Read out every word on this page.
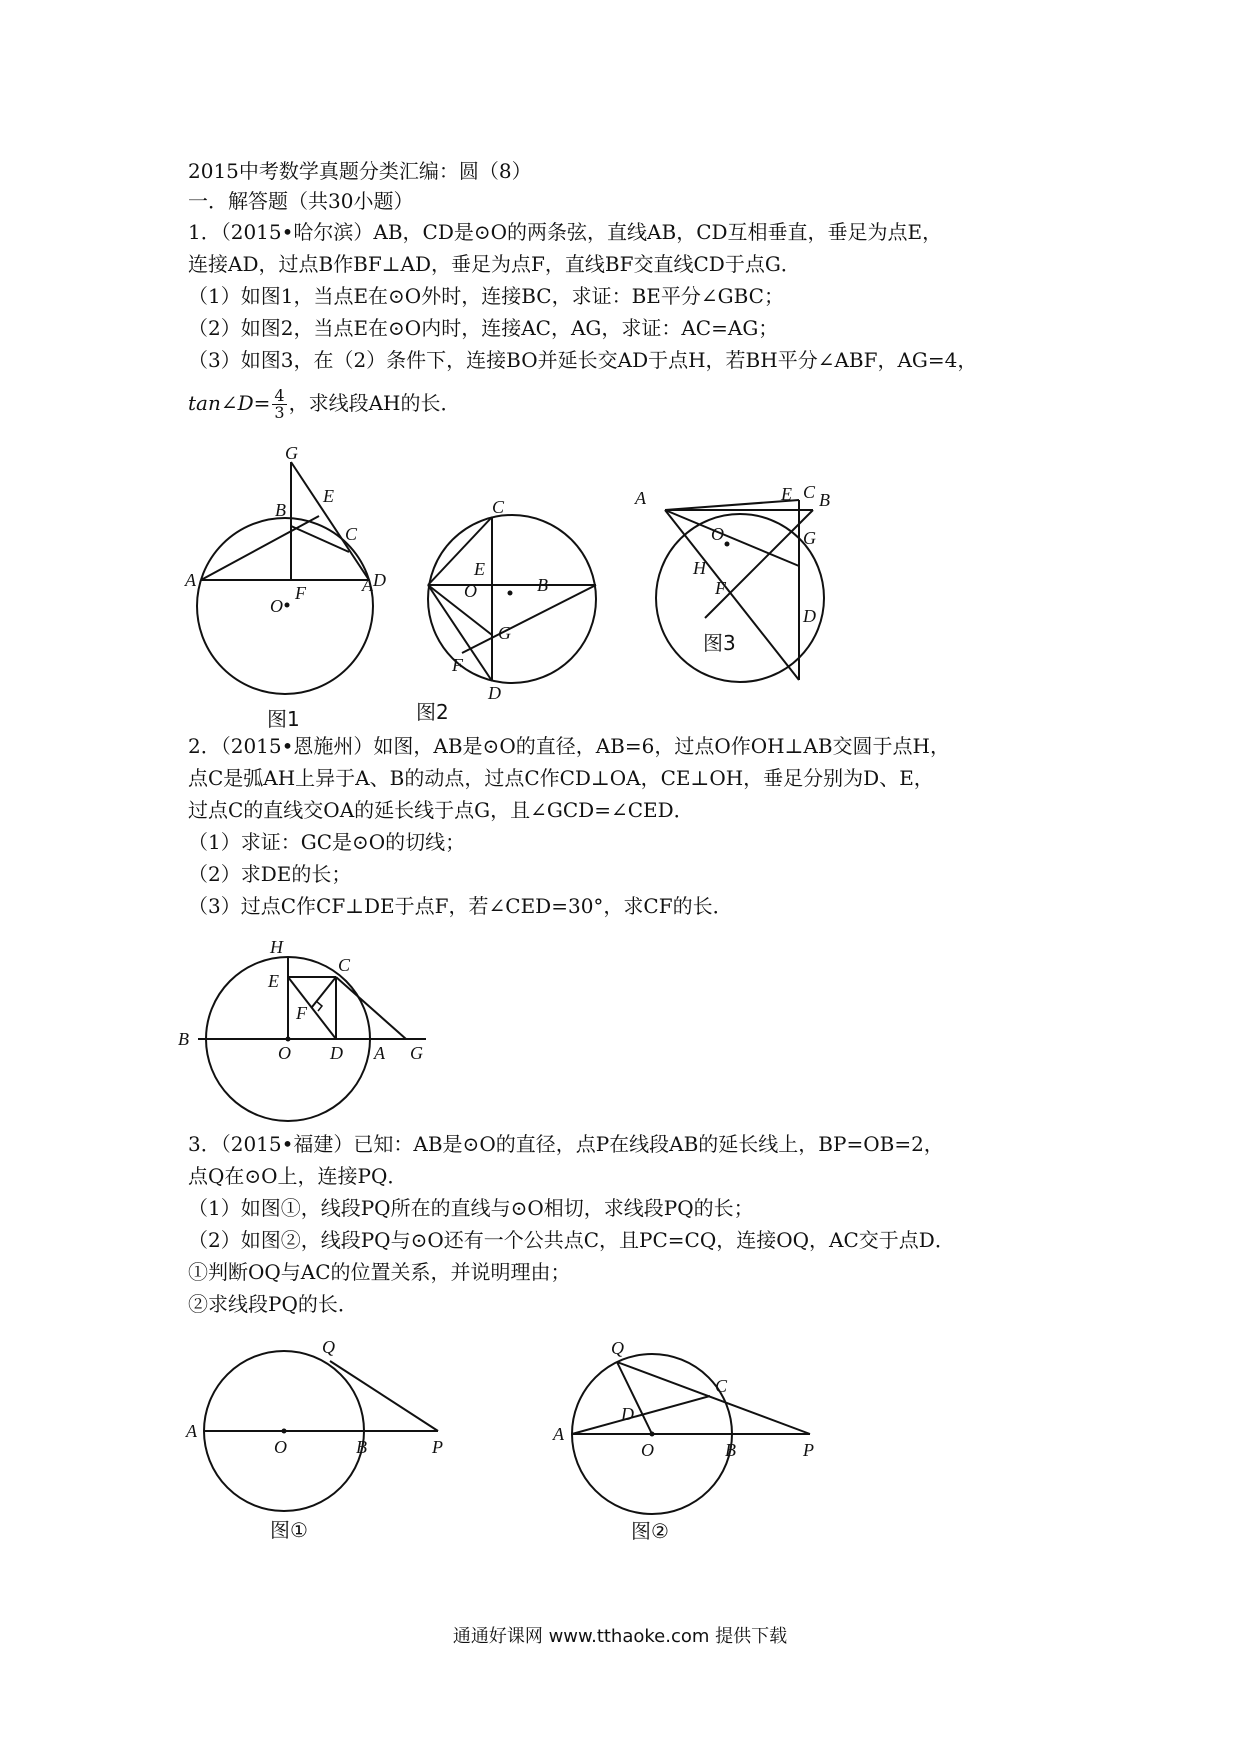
2015中考数学真题分类汇编：圆（8）
一．解答题（共30小题）
1．（2015•哈尔滨）AB，CD是⊙O的两条弦，直线AB，CD互相垂直，垂足为点E，
连接AD，过点B作BF⊥AD，垂足为点F，直线BF交直线CD于点G．
（1）如图1，当点E在⊙O外时，连接BC，求证：BE平分∠GBC；
（2）如图2，当点E在⊙O内时，连接AC，AG，求证：AC=AG；
（3）如图3，在（2）条件下，连接BO并延长交AD于点H，若BH平分∠ABF，AG=4，
tan∠D= $\frac{4}{3}$ ，求线段AH的长．
G
B
E
C
A
F
D
O
图1
C
A
E
B
O
G
F
D
图2
C
A	E B
O	G
H
F
D
图3
2．（2015•恩施州）如图，AB是⊙O的直径，AB=6，过点O作OH⊥AB交圆于点H，
点C是弧AH上异于A、B的动点，过点C作CD⊥OA，CE⊥OH，垂足分别为D、E，
过点C的直线交OA的延长线于点G，且∠GCD=∠CED．
（1）求证：GC是⊙O的切线；
（2）求DE的长；
（3）过点C作CF⊥DE于点F，若∠CED=30°，求CF的长．
H
C
E
F
B
O D A G
3．（2015•福建）已知：AB是⊙O的直径，点P在线段AB的延长线上，BP=OB=2，
点Q在⊙O上，连接PQ．
（1）如图①，线段PQ所在的直线与⊙O相切，求线段PQ的长；
（2）如图②，线段PQ与⊙O还有一个公共点C，且PC=CQ，连接OQ，AC交于点D．
①判断OQ与AC的位置关系，并说明理由；
②求线段PQ的长．
Q
A
O	B	P
图①
Q
C
D
A
O	B	P
图②
通通好课网 www.tthaoke.com 提供下载
